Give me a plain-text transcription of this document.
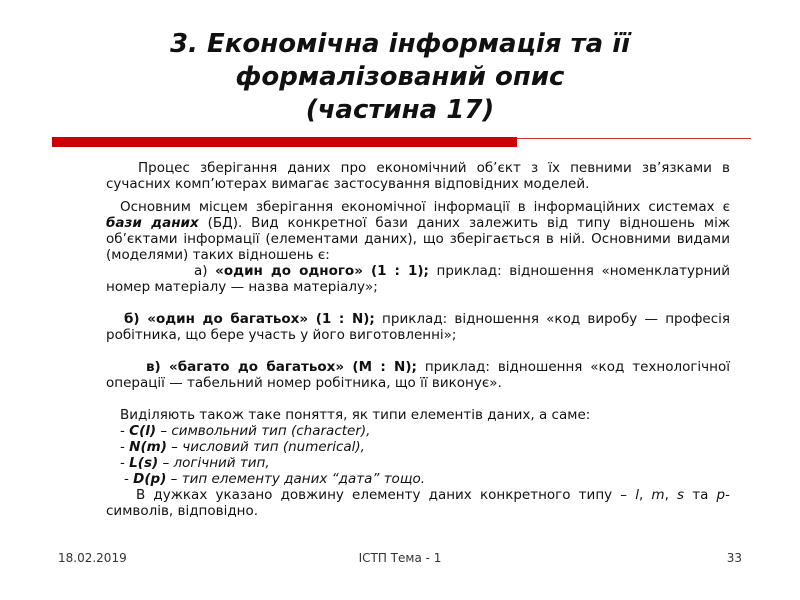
3. Економічна інформація та її
формалізований опис
(частина 17)

Процес зберігання даних про економічний об’єкт з їх певними зв’язками в сучасних комп’ютерах вимагає застосування відповідних моделей.

Основним місцем зберігання економічної інформації в інформаційних системах є бази даних (БД). Вид конкретної бази даних залежить від типу відношень між об’єктами інформації (елементами даних), що зберігається в ній. Основними видами (моделями) таких відношень є:

а) «один до одного» (1 : 1); приклад: відношення «номенклатурний номер матеріалу — назва матеріалу»;

б) «один до багатьох» (1 : N); приклад: відношення «код виробу — професія робітника, що бере участь у його виготовленні»;

в) «багато до багатьох» (M : N); приклад: відношення «код технологічної операції — табельний номер робітника, що її виконує».

Виділяють також таке поняття, як типи елементів даних, а саме:

- C(l) – символьний тип (character),
- N(m) – числовий тип (numerical),
- L(s) – логічний тип,
- D(p) – тип елементу даних “дата” тощо.

В дужках указано довжину елементу даних конкретного типу – l, m, s та p-символів, відповідно.

18.02.2019	ІСТП Тема - 1	33
